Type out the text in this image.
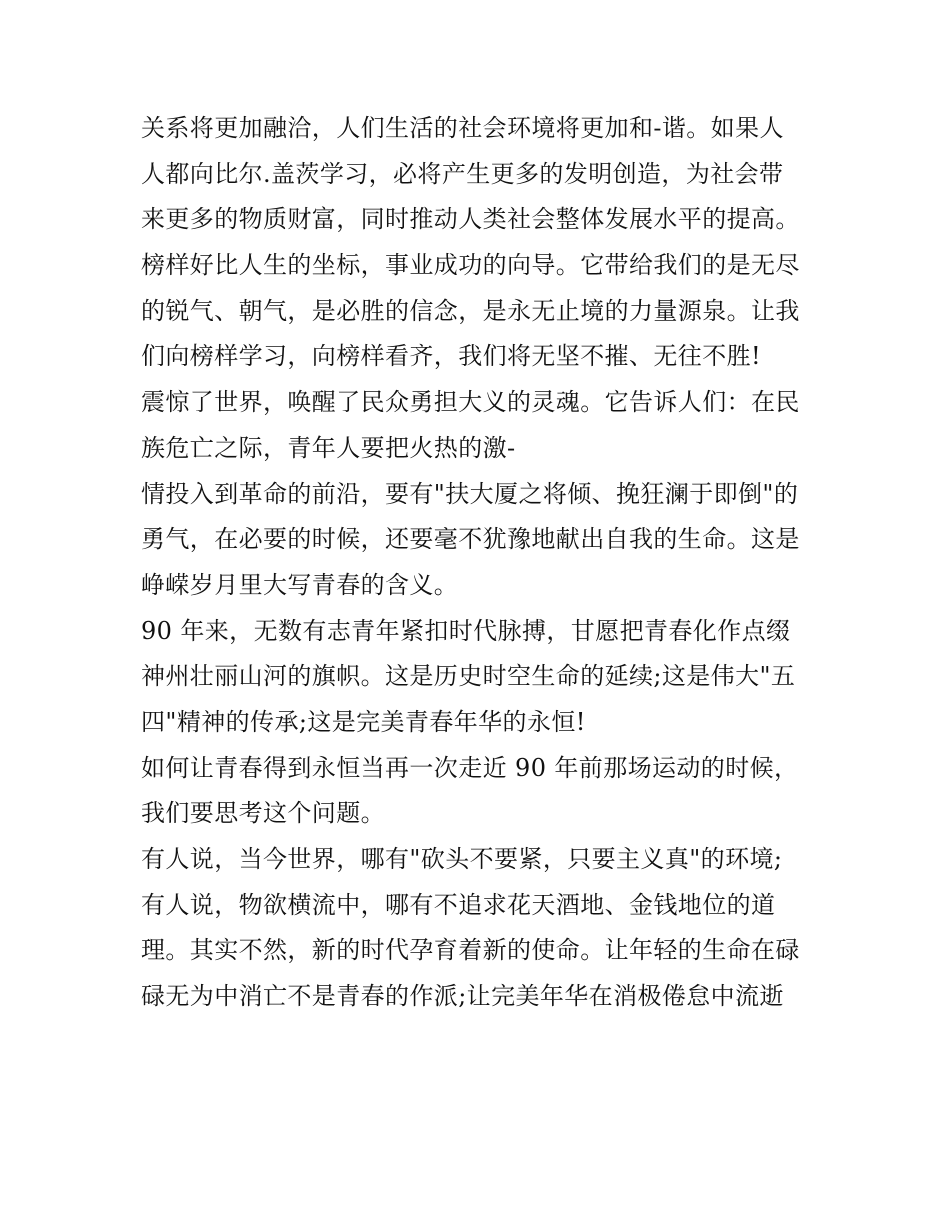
关系将更加融洽，人们生活的社会环境将更加和-谐。如果人
人都向比尔.盖茨学习，必将产生更多的发明创造，为社会带
来更多的物质财富，同时推动人类社会整体发展水平的提高。
榜样好比人生的坐标，事业成功的向导。它带给我们的是无尽
的锐气、朝气，是必胜的信念，是永无止境的力量源泉。让我
们向榜样学习，向榜样看齐，我们将无坚不摧、无往不胜!
震惊了世界，唤醒了民众勇担大义的灵魂。它告诉人们：在民
族危亡之际，青年人要把火热的激-
情投入到革命的前沿，要有"扶大厦之将倾、挽狂澜于即倒"的
勇气，在必要的时候，还要毫不犹豫地献出自我的生命。这是
峥嵘岁月里大写青春的含义。
90 年来，无数有志青年紧扣时代脉搏，甘愿把青春化作点缀
神州壮丽山河的旗帜。这是历史时空生命的延续;这是伟大"五
四"精神的传承;这是完美青春年华的永恒!
如何让青春得到永恒当再一次走近 90 年前那场运动的时候，
我们要思考这个问题。
有人说，当今世界，哪有"砍头不要紧，只要主义真"的环境;
有人说，物欲横流中，哪有不追求花天酒地、金钱地位的道
理。其实不然，新的时代孕育着新的使命。让年轻的生命在碌
碌无为中消亡不是青春的作派;让完美年华在消极倦怠中流逝
